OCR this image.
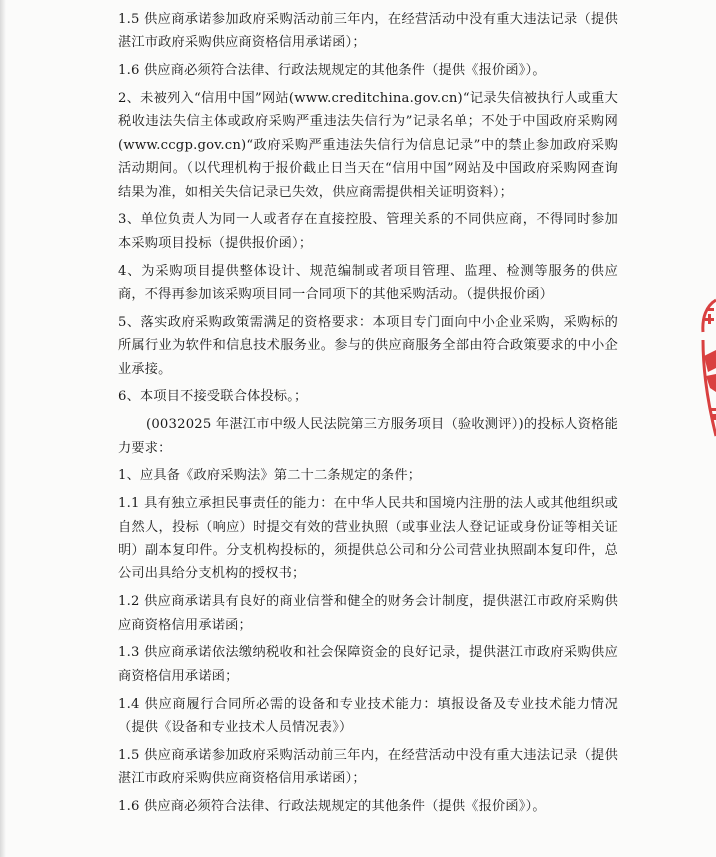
1.5 供应商承诺参加政府采购活动前三年内，在经营活动中没有重大违法记录（提供湛江市政府采购供应商资格信用承诺函）；

1.6 供应商必须符合法律、行政法规规定的其他条件（提供《报价函》）。

2、未被列入“信用中国”网站(www.creditchina.gov.cn)“记录失信被执行人或重大税收违法失信主体或政府采购严重违法失信行为”记录名单；不处于中国政府采购网(www.ccgp.gov.cn)“政府采购严重违法失信行为信息记录”中的禁止参加政府采购活动期间。（以代理机构于报价截止日当天在“信用中国”网站及中国政府采购网查询结果为准，如相关失信记录已失效，供应商需提供相关证明资料）；

3、单位负责人为同一人或者存在直接控股、管理关系的不同供应商，不得同时参加本采购项目投标（提供报价函）；

4、为采购项目提供整体设计、规范编制或者项目管理、监理、检测等服务的供应商，不得再参加该采购项目同一合同项下的其他采购活动。（提供报价函）

5、落实政府采购政策需满足的资格要求：本项目专门面向中小企业采购，采购标的所属行业为软件和信息技术服务业。参与的供应商服务全部由符合政策要求的中小企业承接。

6、本项目不接受联合体投标。；

(0032025 年湛江市中级人民法院第三方服务项目（验收测评）)的投标人资格能力要求：

1、应具备《政府采购法》第二十二条规定的条件；

1.1 具有独立承担民事责任的能力：在中华人民共和国境内注册的法人或其他组织或自然人，投标（响应）时提交有效的营业执照（或事业法人登记证或身份证等相关证明）副本复印件。分支机构投标的，须提供总公司和分公司营业执照副本复印件，总公司出具给分支机构的授权书；

1.2 供应商承诺具有良好的商业信誉和健全的财务会计制度，提供湛江市政府采购供应商资格信用承诺函；

1.3 供应商承诺依法缴纳税收和社会保障资金的良好记录，提供湛江市政府采购供应商资格信用承诺函；

1.4 供应商履行合同所必需的设备和专业技术能力：填报设备及专业技术能力情况（提供《设备和专业技术人员情况表》）

1.5 供应商承诺参加政府采购活动前三年内，在经营活动中没有重大违法记录（提供湛江市政府采购供应商资格信用承诺函）；

1.6 供应商必须符合法律、行政法规规定的其他条件（提供《报价函》）。
